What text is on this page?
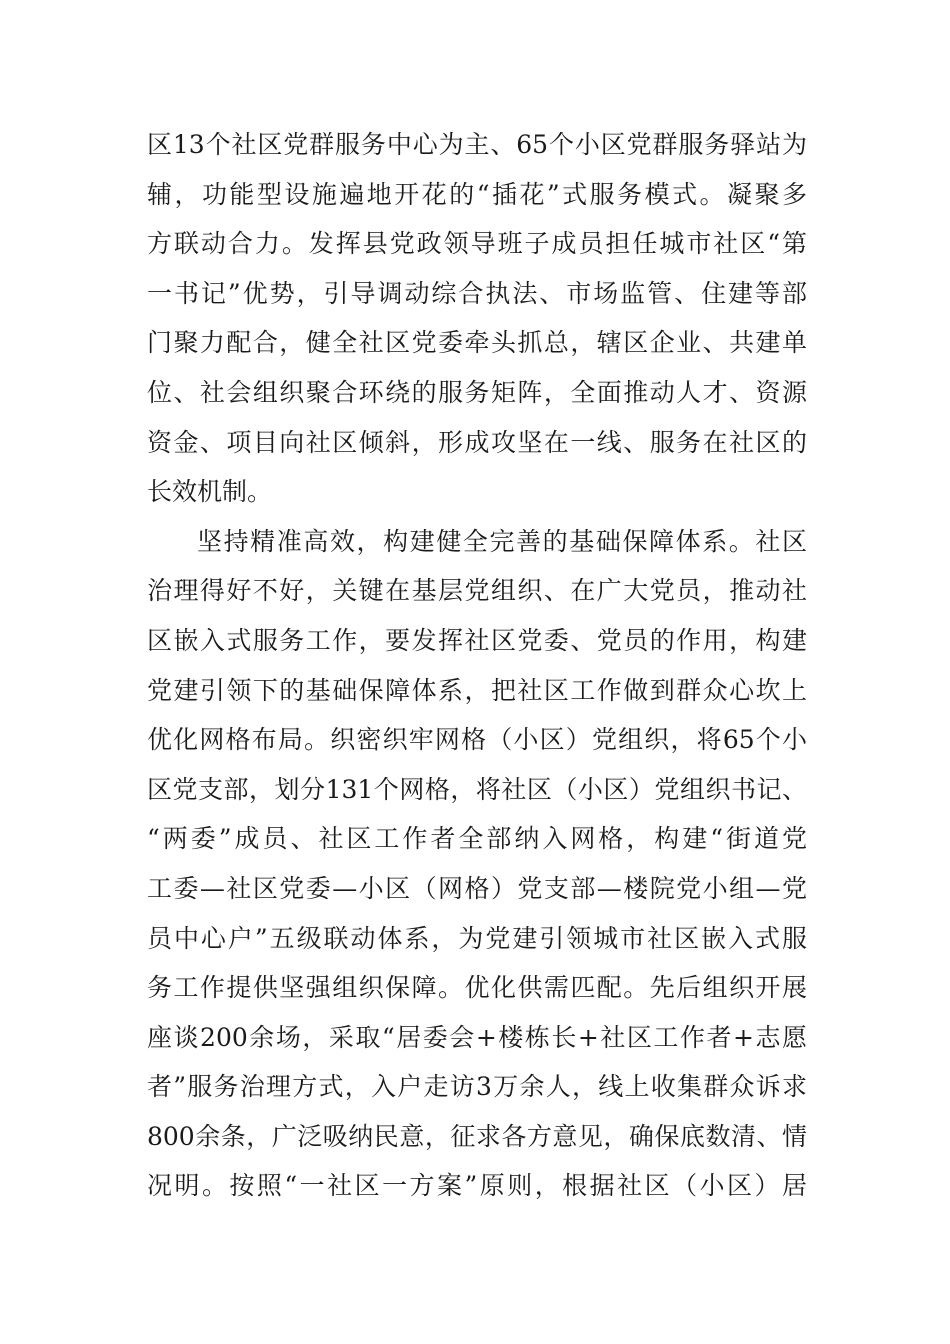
区13个社区党群服务中心为主、65个小区党群服务驿站为
辅，功能型设施遍地开花的“插花”式服务模式。凝聚多
方联动合力。发挥县党政领导班子成员担任城市社区“第
一书记”优势，引导调动综合执法、市场监管、住建等部
门聚力配合，健全社区党委牵头抓总，辖区企业、共建单
位、社会组织聚合环绕的服务矩阵，全面推动人才、资源
资金、项目向社区倾斜，形成攻坚在一线、服务在社区的
长效机制。
坚持精准高效，构建健全完善的基础保障体系。社区
治理得好不好，关键在基层党组织、在广大党员，推动社
区嵌入式服务工作，要发挥社区党委、党员的作用，构建
党建引领下的基础保障体系，把社区工作做到群众心坎上
优化网格布局。织密织牢网格（小区）党组织，将65个小
区党支部，划分131个网格，将社区（小区）党组织书记、
“两委”成员、社区工作者全部纳入网格，构建“街道党
工委—社区党委—小区（网格）党支部—楼院党小组—党
员中心户”五级联动体系，为党建引领城市社区嵌入式服
务工作提供坚强组织保障。优化供需匹配。先后组织开展
座谈200余场，采取“居委会+楼栋长+社区工作者+志愿
者”服务治理方式，入户走访3万余人，线上收集群众诉求
800余条，广泛吸纳民意，征求各方意见，确保底数清、情
况明。按照“一社区一方案”原则，根据社区（小区）居
